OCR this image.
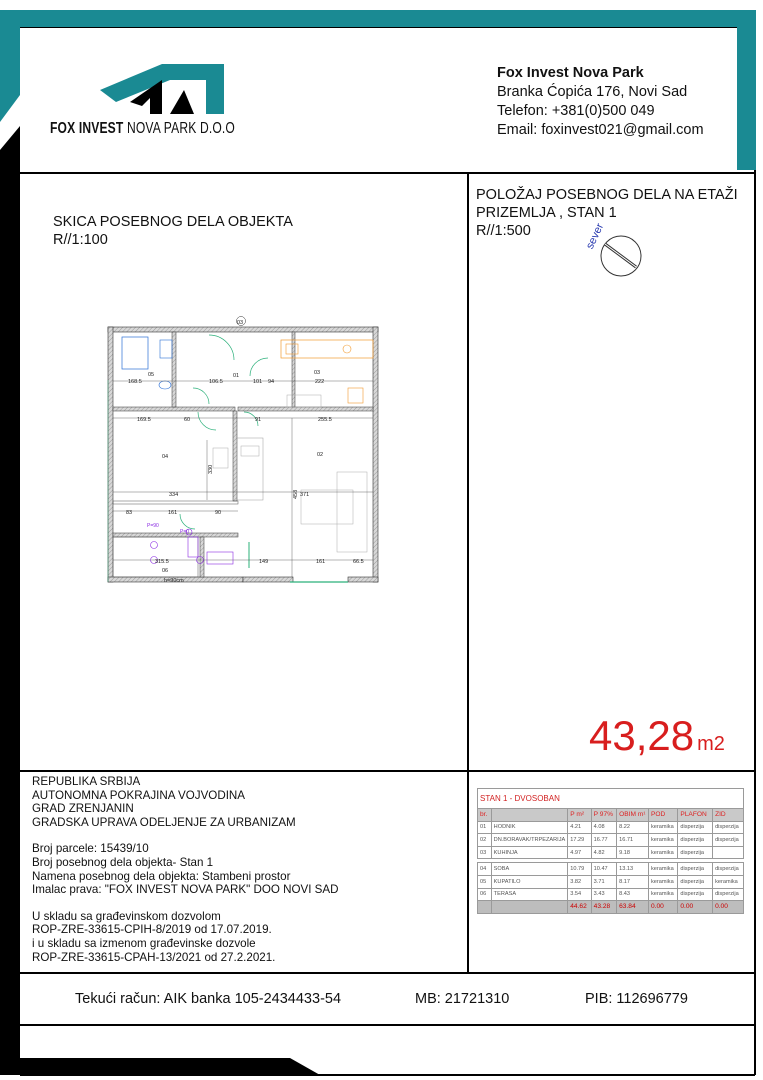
FOX INVEST NOVA PARK D.O.O
Fox Invest Nova Park
Branka Ćopića 176, Novi Sad
Telefon: +381(0)500 049
Email: foxinvest021@gmail.com
SKICA POSEBNOG DELA OBJEKTA
R//1:100
05	01	03
04	02
06
168.5	106.5	101 94	222
169.5	60	91	255.5
334	371
83	161	90
315.5	149	161	66.5
330
458
h=90cm
03
P=90
P=0
POLOŽAJ POSEBNOG DELA NA ETAŽI
PRIZEMLJA , STAN 1
R//1:500	sever
43,28 m2
REPUBLIKA SRBIJA
AUTONOMNA POKRAJINA VOJVODINA
GRAD ZRENJANIN
GRADSKA UPRAVA ODELJENJE ZA URBANIZAM
Broj parcele: 15439/10
Broj posebnog dela objekta- Stan 1
Namena posebnog dela objekta: Stambeni prostor
Imalac prava: "FOX INVEST NOVA PARK" DOO NOVI SAD
U skladu sa građevinskom dozvolom
ROP-ZRE-33615-CPIH-8/2019 od 17.07.2019.
i u skladu sa izmenom građevinske dozvole
ROP-ZRE-33615-CPAH-13/2021 od 27.2.2021.
STAN 1 - DVOSOBAN
br.		P m²	P 97%	OBIM m¹	POD	PLAFON	ZID
01	HODNIK	4.21	4.08	8.22	keramika	disperzija	disperzija
02	DN.BORAVAK/TRPEZARIJA	17.29	16.77	16.71	keramika	disperzija	disperzija
03	KUHINJA	4.97	4.82	9.18	keramika	disperzija	

04	SOBA	10.79	10.47	13.13	keramika	disperzija	disperzija
05	KUPATILO	3.82	3.71	8.17	keramika	disperzija	keramika
06	TERASA	3.54	3.43	8.43	keramika	disperzija	disperzija
		44.62	43.28	63.84	0.00	0.00	0.00
Tekući račun: AIK banka 105-2434433-54	MB: 21721310	PIB: 112696779
